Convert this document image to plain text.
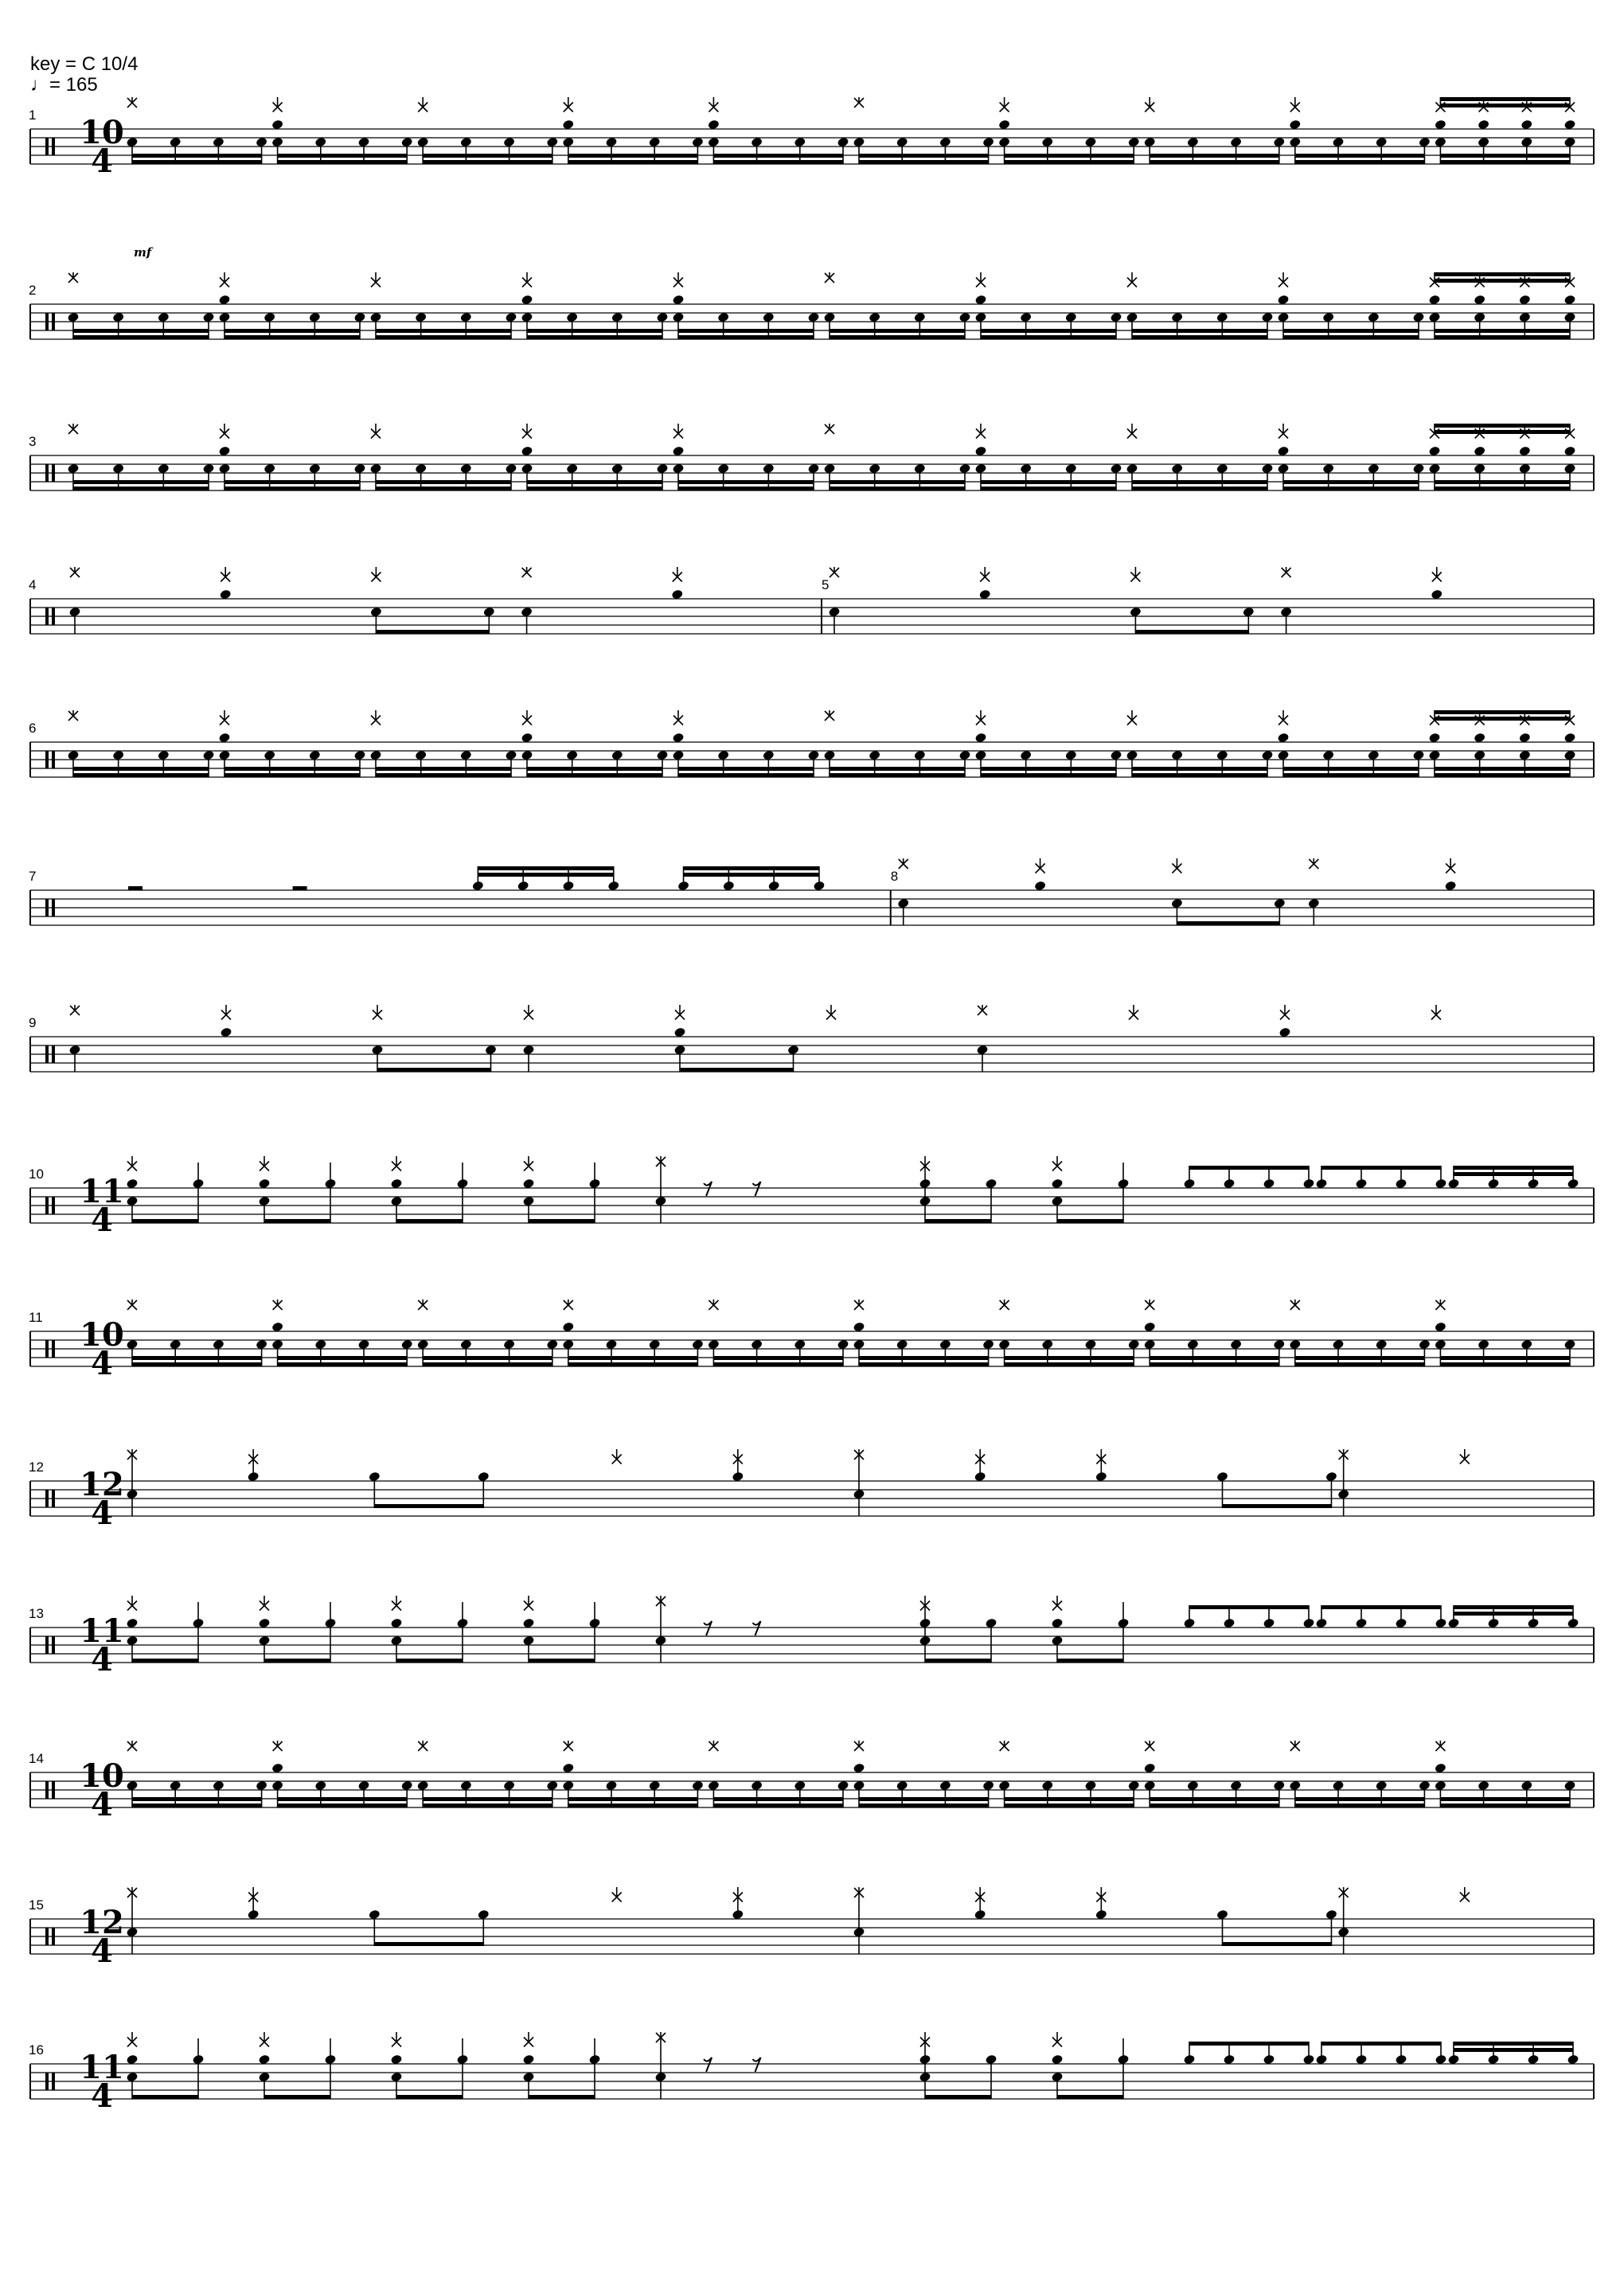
key = C 10/4
♩= 165
10
4
1
mf
2
3
4	5
6
7	8
9
11
4
10
10
4
11
12
4
12
11
4
13
10
4
14
12
4
15
11
4
16
